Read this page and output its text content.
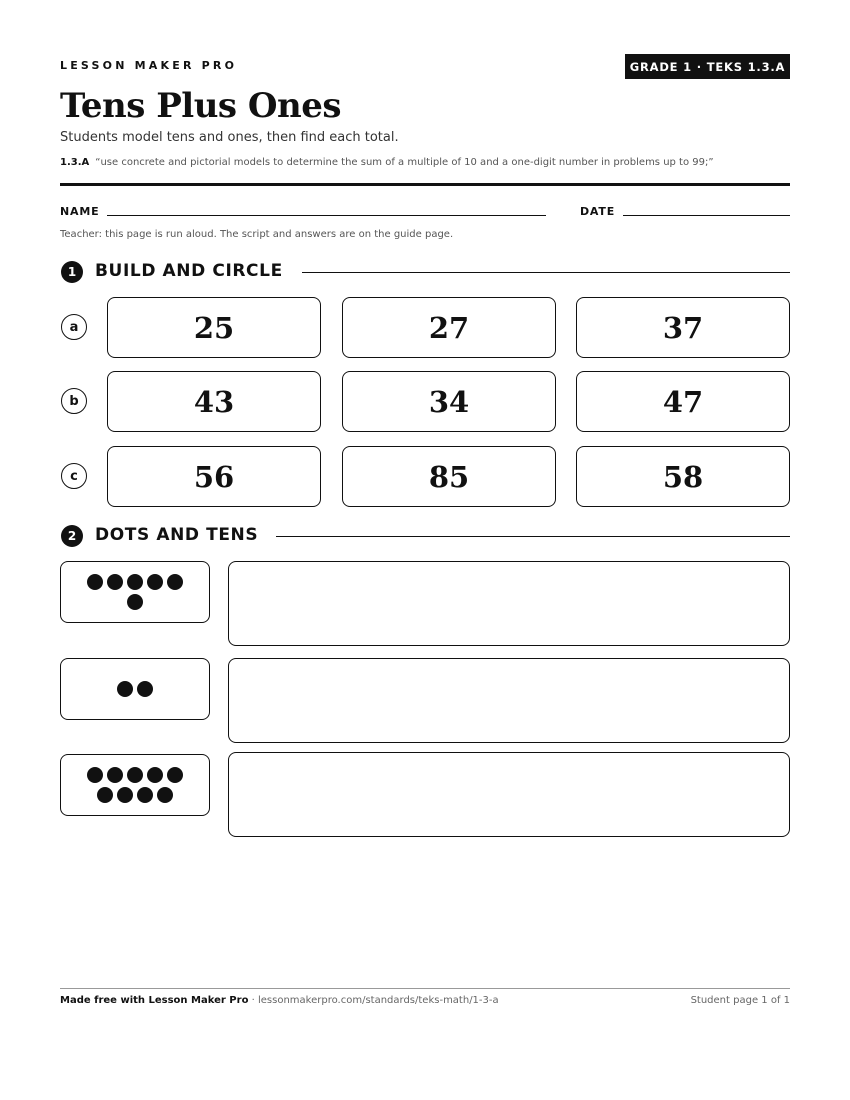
LESSON MAKER PRO	GRADE 1 · TEKS 1.3.A
Tens Plus Ones
Students model tens and ones, then find each total.
1.3.A “use concrete and pictorial models to determine the sum of a multiple of 10 and a one-digit number in problems up to 99;”
NAME	DATE
Teacher: this page is run aloud. The script and answers are on the guide page.
1	BUILD AND CIRCLE
a	25	27	37
b	43	34	47
c	56	85	58
2	DOTS AND TENS
Made free with Lesson Maker Pro · lessonmakerpro.com/standards/teks-math/1-3-a	Student page 1 of 1
